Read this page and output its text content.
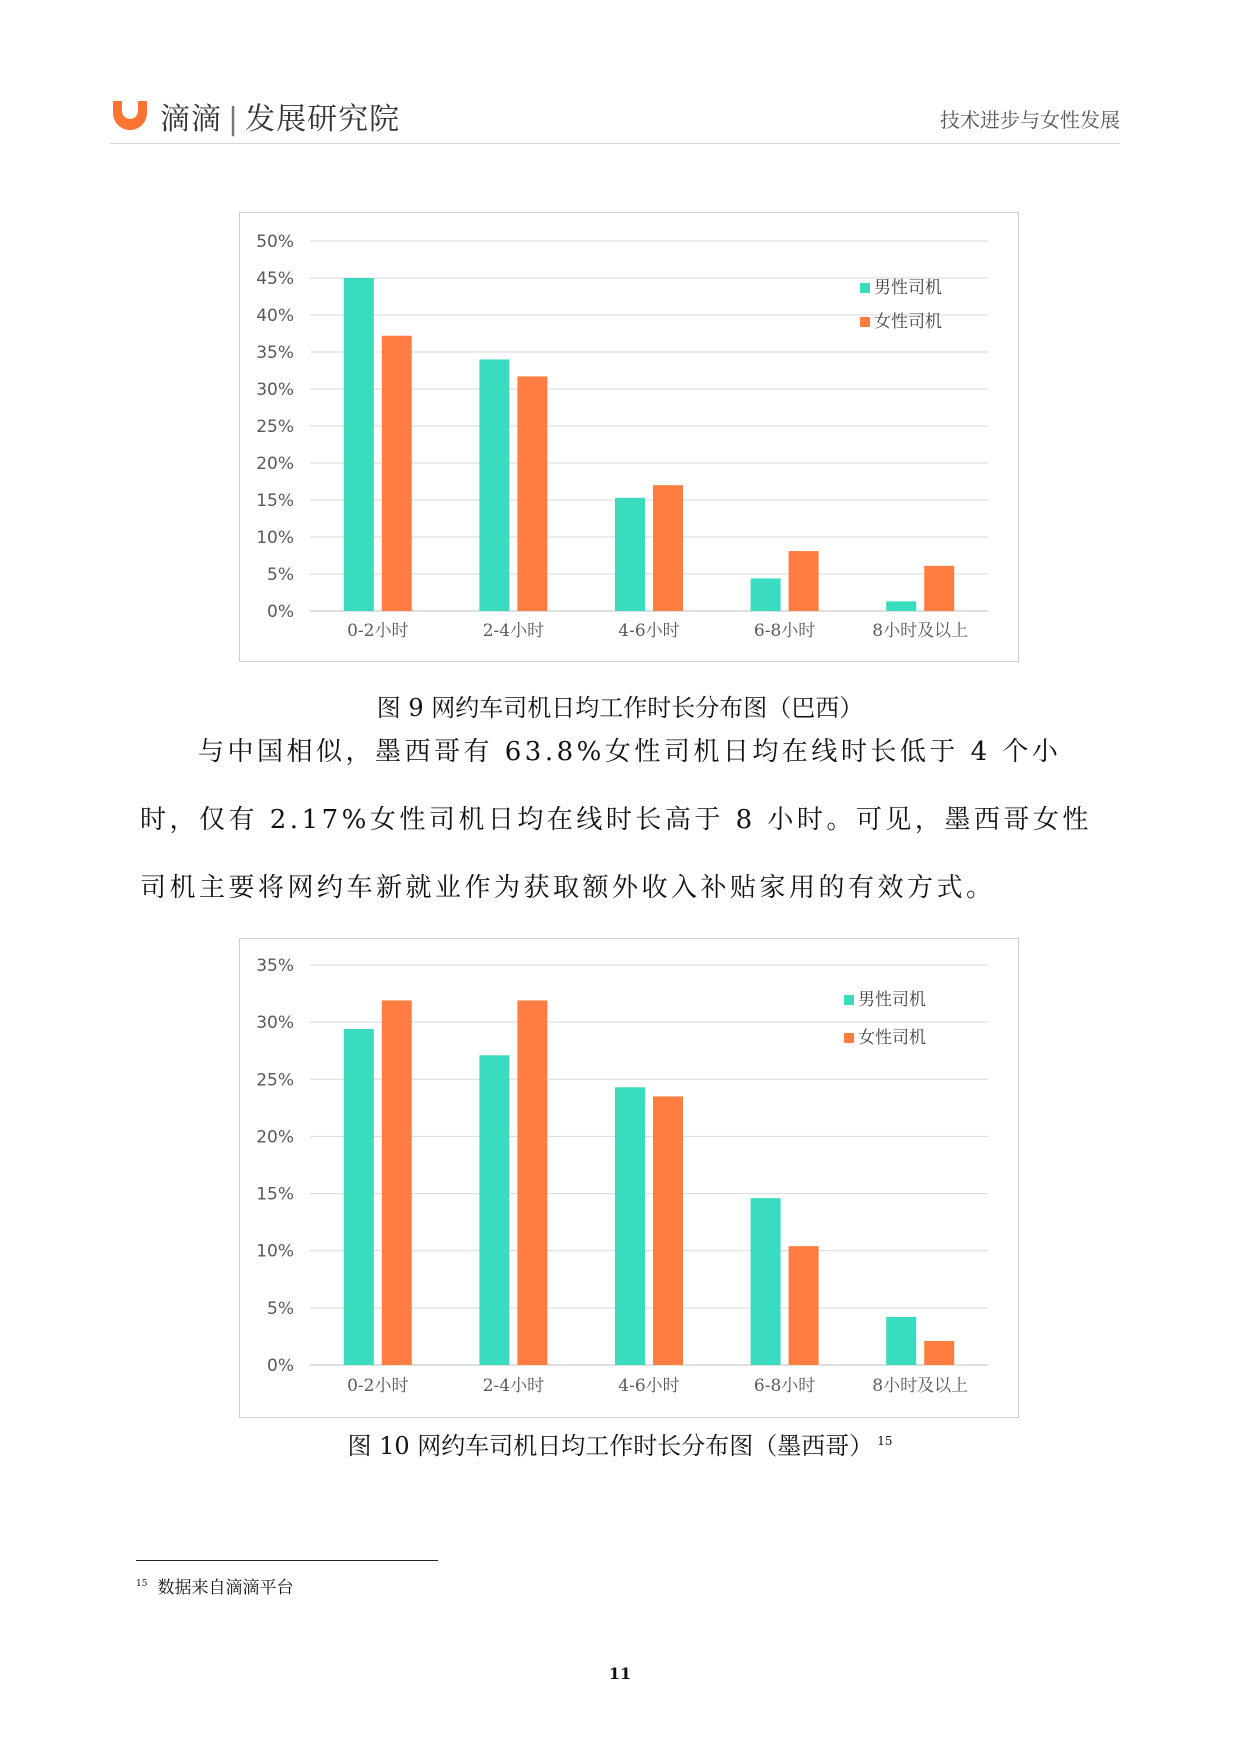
滴滴 | 发展研究院	技术进步与女性发展
0%
5%
10%
15%
20%
25%
30%
35%
40%
45%
50%
0-2小时	2-4小时	4-6小时	6-8小时	8小时及以上
男性司机
女性司机
图 9 网约车司机日均工作时长分布图（巴西）

与中国相似，墨西哥有 63.8%女性司机日均在线时长低于 4 个小时，仅有 2.17%女性司机日均在线时长高于 8 小时。可见，墨西哥女性司机主要将网约车新就业作为获取额外收入补贴家用的有效方式。

0%
5%
10%
15%
20%
25%
30%
35%
0-2小时	2-4小时	4-6小时	6-8小时	8小时及以上
男性司机
女性司机
图 10 网约车司机日均工作时长分布图（墨西哥） $^{15}$
$^{15}$ 数据来自滴滴平台
11
